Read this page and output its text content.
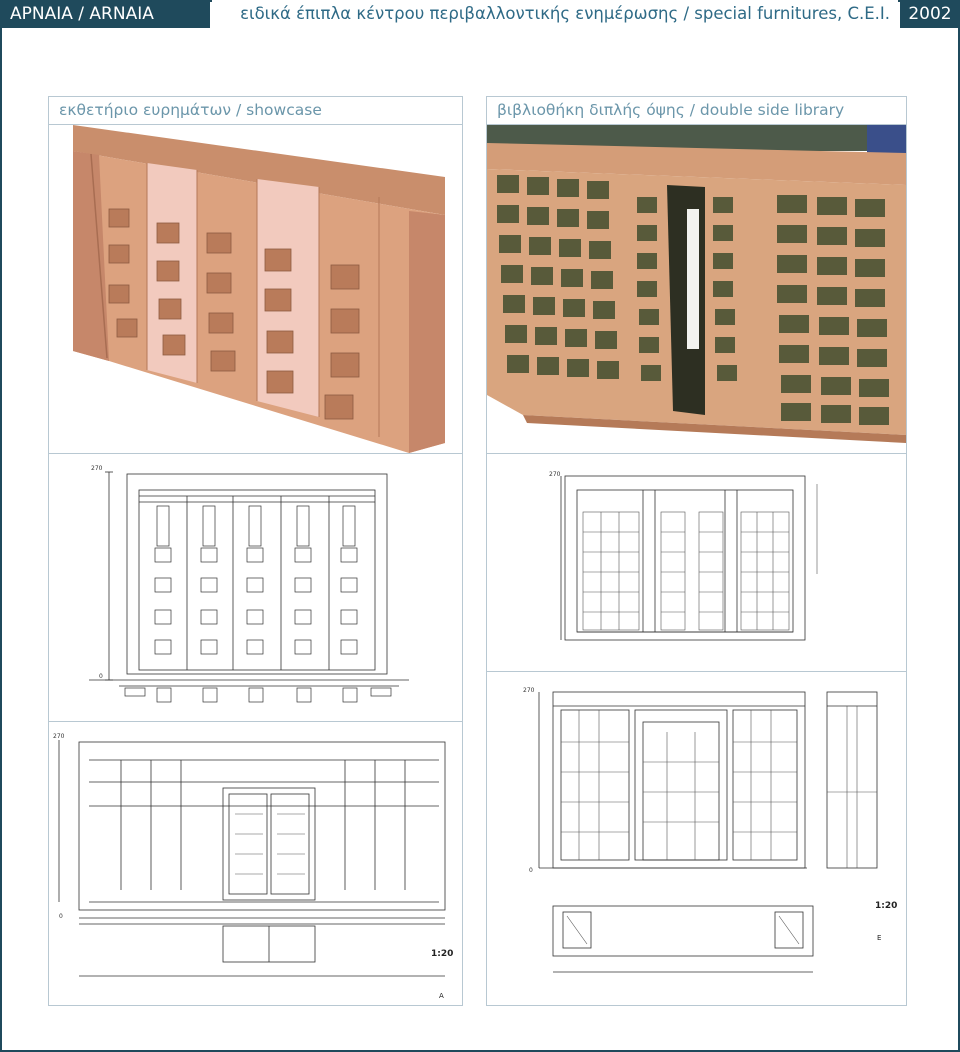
ΑΡΝΑΙΑ / ARNAIA	ειδικά έπιπλα κέντρου περιβαλλοντικής ενημέρωσης / special furnitures, C.E.I.	2002
εκθετήριο ευρημάτων / showcase
270
0
270
0
1:20
A
βιβλιοθήκη διπλής όψης / double side library
270
270
0
1:20
E
